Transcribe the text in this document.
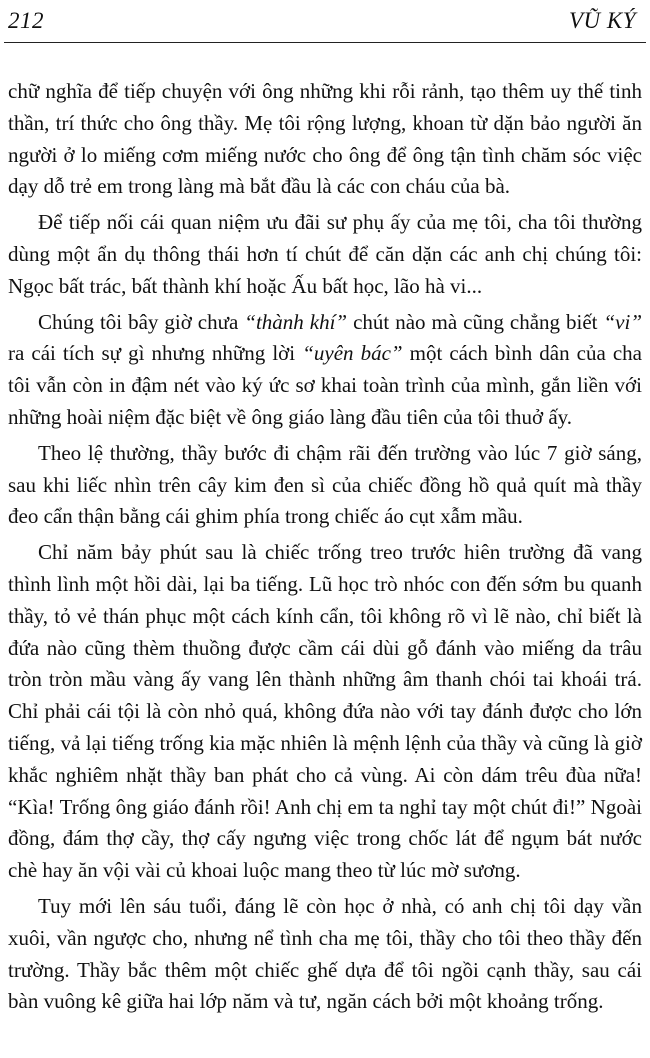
212	VŨ KÝ

chữ nghĩa để tiếp chuyện với ông những khi rỗi rảnh, tạo thêm uy thế tinh thần, trí thức cho ông thầy. Mẹ tôi rộng lượng, khoan từ dặn bảo người ăn người ở lo miếng cơm miếng nước cho ông để ông tận tình chăm sóc việc dạy dỗ trẻ em trong làng mà bắt đầu là các con cháu của bà.

Để tiếp nối cái quan niệm ưu đãi sư phụ ấy của mẹ tôi, cha tôi thường dùng một ẩn dụ thông thái hơn tí chút để căn dặn các anh chị chúng tôi: Ngọc bất trác, bất thành khí hoặc Ấu bất học, lão hà vi...

Chúng tôi bây giờ chưa “thành khí” chút nào mà cũng chẳng biết “vi” ra cái tích sự gì nhưng những lời “uyên bác” một cách bình dân của cha tôi vẫn còn in đậm nét vào ký ức sơ khai toàn trình của mình, gắn liền với những hoài niệm đặc biệt về ông giáo làng đầu tiên của tôi thuở ấy.

Theo lệ thường, thầy bước đi chậm rãi đến trường vào lúc 7 giờ sáng, sau khi liếc nhìn trên cây kim đen sì của chiếc đồng hồ quả quít mà thầy đeo cẩn thận bằng cái ghim phía trong chiếc áo cụt xẫm mầu.

Chỉ năm bảy phút sau là chiếc trống treo trước hiên trường đã vang thình lình một hồi dài, lại ba tiếng. Lũ học trò nhóc con đến sớm bu quanh thầy, tỏ vẻ thán phục một cách kính cẩn, tôi không rõ vì lẽ nào, chỉ biết là đứa nào cũng thèm thuồng được cầm cái dùi gỗ đánh vào miếng da trâu tròn tròn mầu vàng ấy vang lên thành những âm thanh chói tai khoái trá. Chỉ phải cái tội là còn nhỏ quá, không đứa nào với tay đánh được cho lớn tiếng, vả lại tiếng trống kia mặc nhiên là mệnh lệnh của thầy và cũng là giờ khắc nghiêm nhặt thầy ban phát cho cả vùng. Ai còn dám trêu đùa nữa! “Kìa! Trống ông giáo đánh rồi! Anh chị em ta nghỉ tay một chút đi!” Ngoài đồng, đám thợ cầy, thợ cấy ngưng việc trong chốc lát để ngụm bát nước chè hay ăn vội vài củ khoai luộc mang theo từ lúc mờ sương.

Tuy mới lên sáu tuổi, đáng lẽ còn học ở nhà, có anh chị tôi dạy vần xuôi, vần ngược cho, nhưng nể tình cha mẹ tôi, thầy cho tôi theo thầy đến trường. Thầy bắc thêm một chiếc ghế dựa để tôi ngồi cạnh thầy, sau cái bàn vuông kê giữa hai lớp năm và tư, ngăn cách bởi một khoảng trống.
